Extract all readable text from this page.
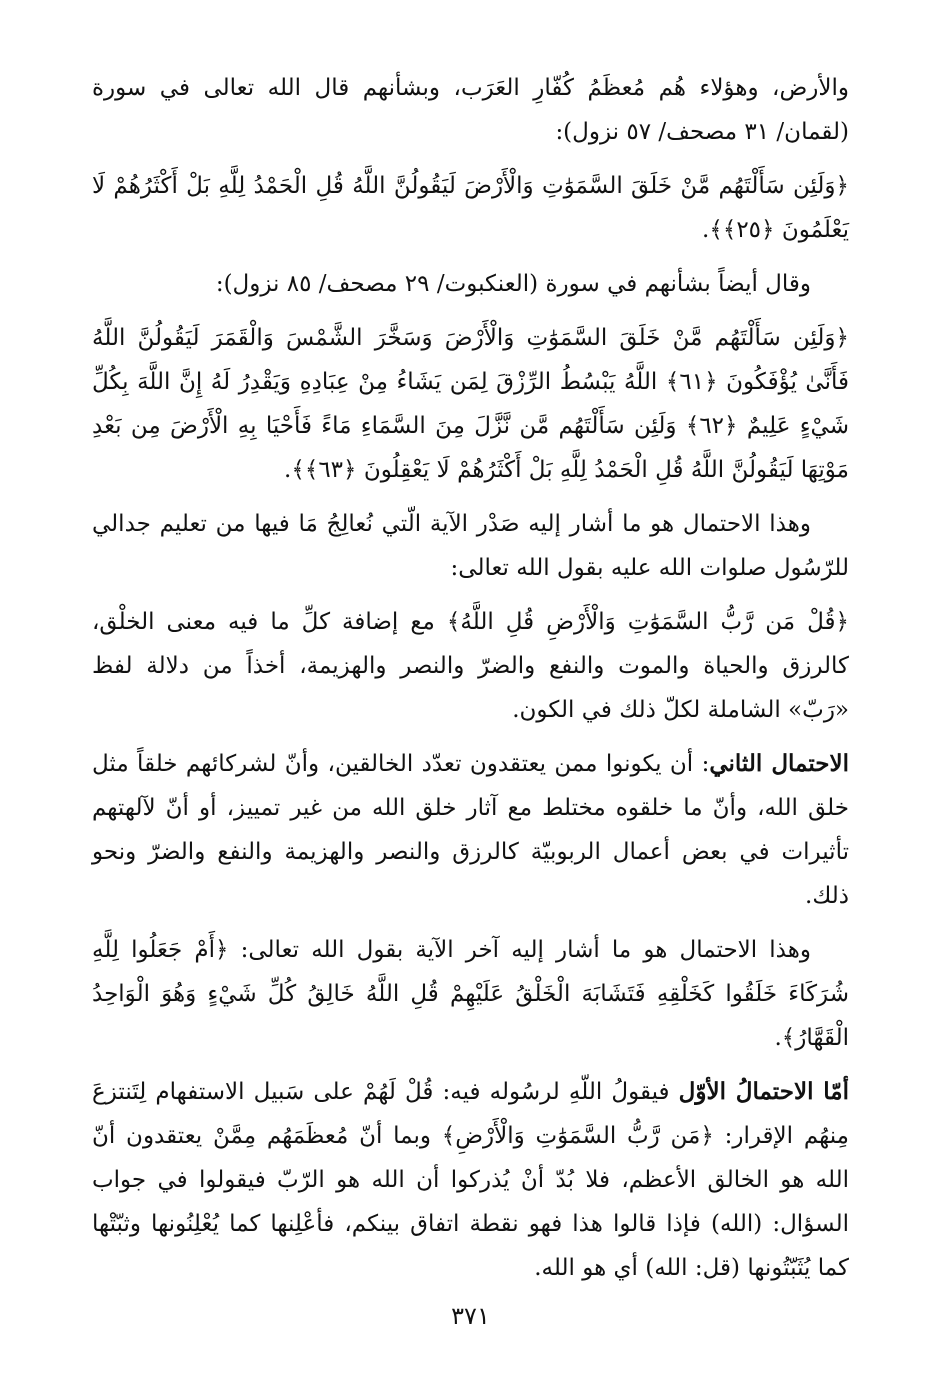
والأرض، وهؤلاء هُم مُعظَمُ كُفّارِ العَرَب، وبشأنهم قال الله تعالى في سورة (لقمان/ ٣١ مصحف/ ٥٧ نزول):

﴿وَلَئِن سَأَلْتَهُم مَّنْ خَلَقَ السَّمَوَٰتِ وَالْأَرْضَ لَيَقُولُنَّ اللَّهُ قُلِ الْحَمْدُ لِلَّهِ بَلْ أَكْثَرُهُمْ لَا يَعْلَمُونَ ﴿٢٥﴾﴾.

وقال أيضاً بشأنهم في سورة (العنكبوت/ ٢٩ مصحف/ ٨٥ نزول):

﴿وَلَئِن سَأَلْتَهُم مَّنْ خَلَقَ السَّمَوَٰتِ وَالْأَرْضَ وَسَخَّرَ الشَّمْسَ وَالْقَمَرَ لَيَقُولُنَّ اللَّهُ فَأَنَّىٰ يُؤْفَكُونَ ﴿٦١﴾ اللَّهُ يَبْسُطُ الرِّزْقَ لِمَن يَشَاءُ مِنْ عِبَادِهِ وَيَقْدِرُ لَهُ إِنَّ اللَّهَ بِكُلِّ شَيْءٍ عَلِيمٌ ﴿٦٢﴾ وَلَئِن سَأَلْتَهُم مَّن نَّزَّلَ مِنَ السَّمَاءِ مَاءً فَأَحْيَا بِهِ الْأَرْضَ مِن بَعْدِ مَوْتِهَا لَيَقُولُنَّ اللَّهُ قُلِ الْحَمْدُ لِلَّهِ بَلْ أَكْثَرُهُمْ لَا يَعْقِلُونَ ﴿٦٣﴾﴾.

وهذا الاحتمال هو ما أشار إليه صَدْر الآية الّتي نُعالِجُ مَا فيها من تعليم جدالي للرّسُول صلوات الله عليه بقول الله تعالى:

﴿قُلْ مَن رَّبُّ السَّمَوَٰتِ وَالْأَرْضِ قُلِ اللَّهُ﴾ مع إضافة كلِّ ما فيه معنى الخلْق، كالرزق والحياة والموت والنفع والضرّ والنصر والهزيمة، أخذاً من دلالة لفظ «رَبّ» الشاملة لكلّ ذلك في الكون.

الاحتمال الثاني: أن يكونوا ممن يعتقدون تعدّد الخالقين، وأنّ لشركائهم خلقاً مثل خلق الله، وأنّ ما خلقوه مختلط مع آثار خلق الله من غير تمييز، أو أنّ لآلهتهم تأثيرات في بعض أعمال الربوبيّة كالرزق والنصر والهزيمة والنفع والضرّ ونحو ذلك.

وهذا الاحتمال هو ما أشار إليه آخر الآية بقول الله تعالى: ﴿أَمْ جَعَلُوا لِلَّهِ شُرَكَاءَ خَلَقُوا كَخَلْقِهِ فَتَشَابَهَ الْخَلْقُ عَلَيْهِمْ قُلِ اللَّهُ خَالِقُ كُلِّ شَيْءٍ وَهُوَ الْوَاحِدُ الْقَهَّارُ﴾.

أمّا الاحتمالُ الأوّل فيقولُ اللّهِ لرسُوله فيه: قُلْ لَهُمْ على سَبيل الاستفهام لِتَنتزعَ مِنهُم الإقرار: ﴿مَن رَّبُّ السَّمَوَٰتِ وَالْأَرْضِ﴾ وبما أنّ مُعظَمَهُم مِمَّنْ يعتقدون أنّ الله هو الخالق الأعظم، فلا بُدّ أنْ يُذركوا أن الله هو الرّبّ فيقولوا في جواب السؤال: (الله) فإذا قالوا هذا فهو نقطة اتفاق بينكم، فأعْلِنها كما يُعْلِنُونها وثبّتْها كما يُثَبّتُونها (قل: الله) أي هو الله.

٣٧١
